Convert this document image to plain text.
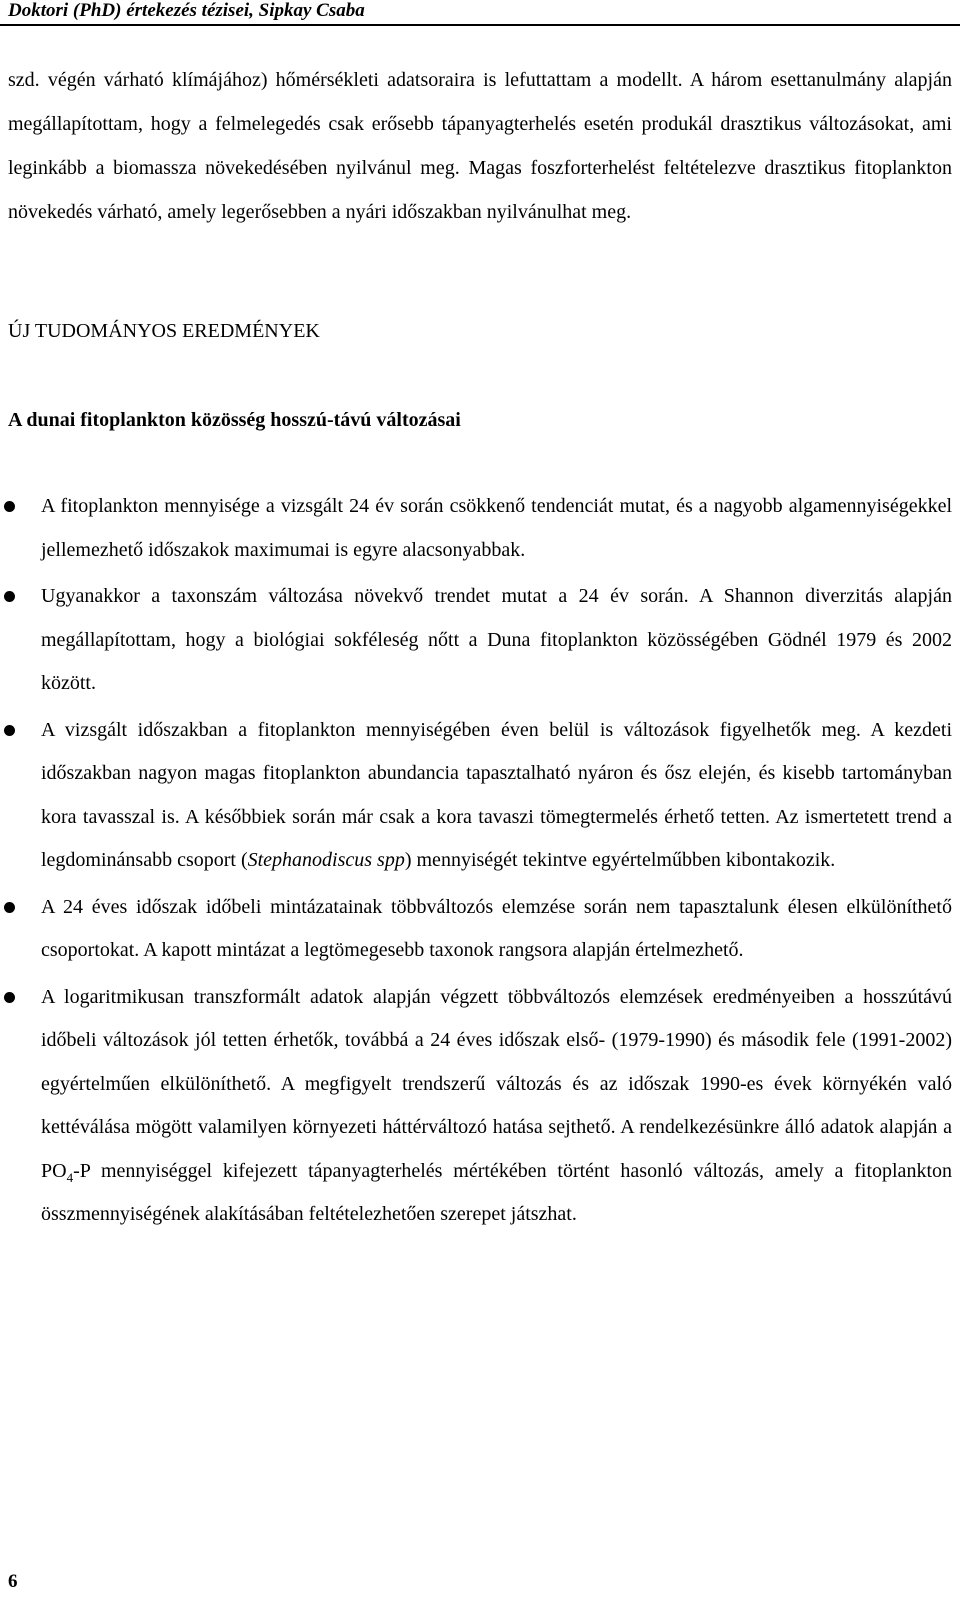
Doktori (PhD) értekezés tézisei, Sipkay Csaba

szd. végén várható klímájához) hőmérsékleti adatsoraira is lefuttattam a modellt. A három esettanulmány alapján megállapítottam, hogy a felmelegedés csak erősebb tápanyagterhelés esetén produkál drasztikus változásokat, ami leginkább a biomassza növekedésében nyilvánul meg. Magas foszforterhelést feltételezve drasztikus fitoplankton növekedés várható, amely legerősebben a nyári időszakban nyilvánulhat meg.

ÚJ TUDOMÁNYOS EREDMÉNYEK
A dunai fitoplankton közösség hosszú-távú változásai
A fitoplankton mennyisége a vizsgált 24 év során csökkenő tendenciát mutat, és a nagyobb algamennyiségekkel jellemezhető időszakok maximumai is egyre alacsonyabbak.
Ugyanakkor a taxonszám változása növekvő trendet mutat a 24 év során. A Shannon diverzitás alapján megállapítottam, hogy a biológiai sokféleség nőtt a Duna fitoplankton közösségében Gödnél 1979 és 2002 között.
A vizsgált időszakban a fitoplankton mennyiségében éven belül is változások figyelhetők meg. A kezdeti időszakban nagyon magas fitoplankton abundancia tapasztalható nyáron és ősz elején, és kisebb tartományban kora tavasszal is. A későbbiek során már csak a kora tavaszi tömegtermelés érhető tetten. Az ismertetett trend a legdominánsabb csoport (Stephanodiscus spp) mennyiségét tekintve egyértelműbben kibontakozik.
A 24 éves időszak időbeli mintázatainak többváltozós elemzése során nem tapasztalunk élesen elkülöníthető csoportokat. A kapott mintázat a legtömegesebb taxonok rangsora alapján értelmezhető.
A logaritmikusan transzformált adatok alapján végzett többváltozós elemzések eredményeiben a hosszútávú időbeli változások jól tetten érhetők, továbbá a 24 éves időszak első- (1979-1990) és második fele (1991-2002) egyértelműen elkülöníthető. A megfigyelt trendszerű változás és az időszak 1990-es évek környékén való kettéválása mögött valamilyen környezeti háttérváltozó hatása sejthető. A rendelkezésünkre álló adatok alapján a $PO_4-P$ mennyiséggel kifejezett tápanyagterhelés mértékében történt hasonló változás, amely a fitoplankton összmennyiségének alakításában feltételezhetően szerepet játszhat.
6
